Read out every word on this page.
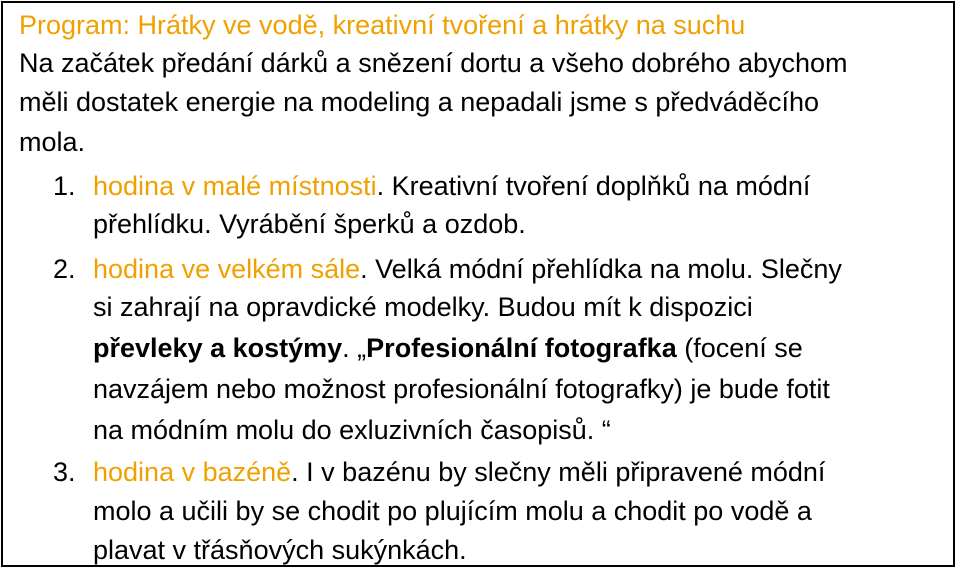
Program: Hrátky ve vodě, kreativní tvoření a hrátky na suchu
Na začátek předání dárků a snězení dortu a všeho dobrého abychom
měli dostatek energie na modeling a nepadali jsme s předváděcího
mola.
1. hodina v malé místnosti. Kreativní tvoření doplňků na módní
přehlídku. Vyrábění šperků a ozdob.
2. hodina ve velkém sále. Velká módní přehlídka na molu. Slečny
si zahrají na opravdické modelky. Budou mít k dispozici
převleky a kostýmy. „Profesionální fotografka (focení se
navzájem nebo možnost profesionální fotografky) je bude fotit
na módním molu do exluzivních časopisů. “
3. hodina v bazéně. I v bazénu by slečny měli připravené módní
molo a učili by se chodit po plujícím molu a chodit po vodě a
plavat v třásňových sukýnkách.
